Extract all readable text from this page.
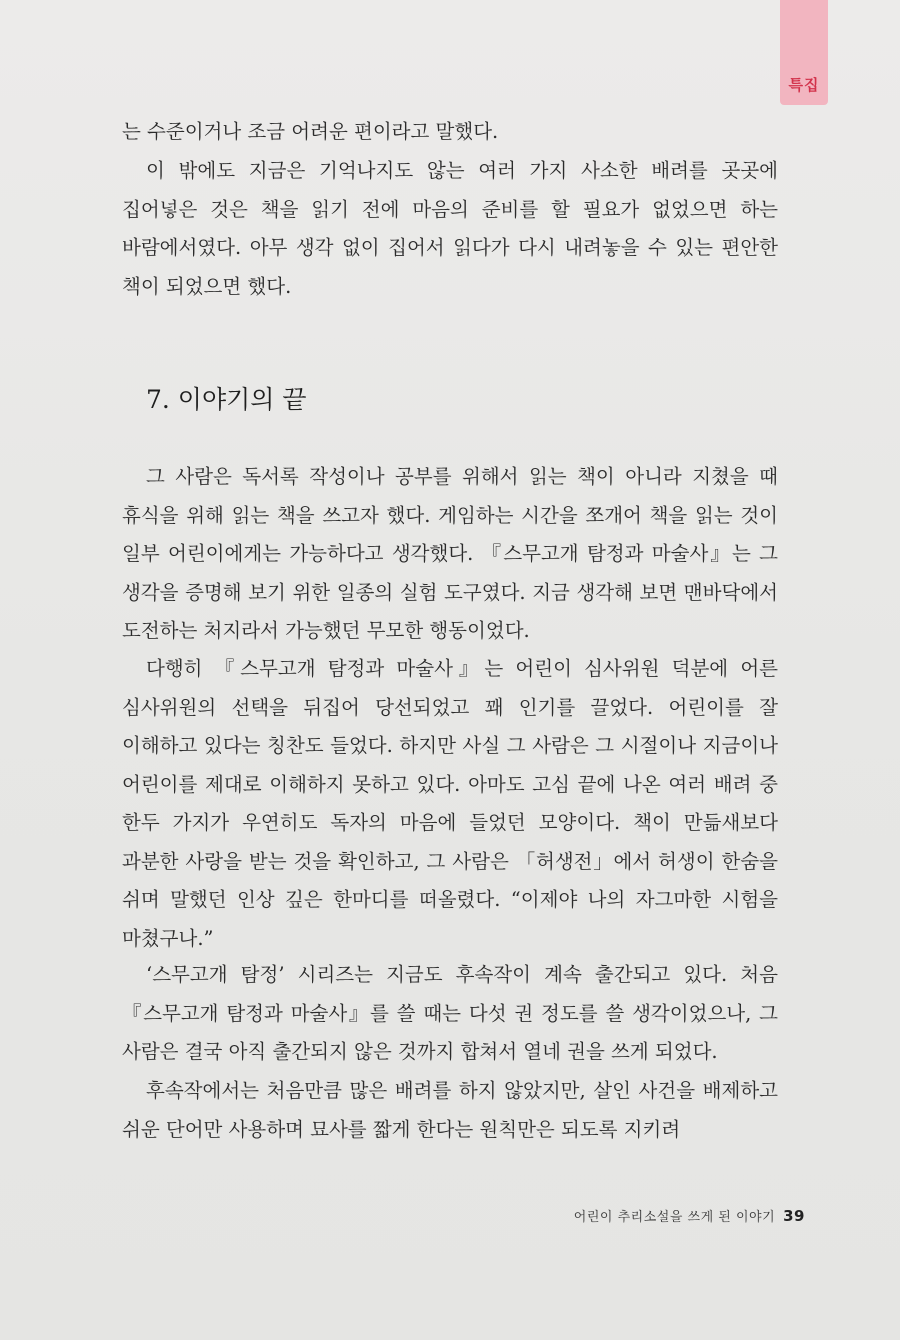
특집

는 수준이거나 조금 어려운 편이라고 말했다.

이 밖에도 지금은 기억나지도 않는 여러 가지 사소한 배려를 곳곳에 집어넣은 것은 책을 읽기 전에 마음의 준비를 할 필요가 없었으면 하는 바람에서였다. 아무 생각 없이 집어서 읽다가 다시 내려놓을 수 있는 편안한 책이 되었으면 했다.

7. 이야기의 끝

그 사람은 독서록 작성이나 공부를 위해서 읽는 책이 아니라 지쳤을 때 휴식을 위해 읽는 책을 쓰고자 했다. 게임하는 시간을 쪼개어 책을 읽는 것이 일부 어린이에게는 가능하다고 생각했다. 『스무고개 탐정과 마술사』는 그 생각을 증명해 보기 위한 일종의 실험 도구였다. 지금 생각해 보면 맨바닥에서 도전하는 처지라서 가능했던 무모한 행동이었다.

다행히 『스무고개 탐정과 마술사』는 어린이 심사위원 덕분에 어른 심사위원의 선택을 뒤집어 당선되었고 꽤 인기를 끌었다. 어린이를 잘 이해하고 있다는 칭찬도 들었다. 하지만 사실 그 사람은 그 시절이나 지금이나 어린이를 제대로 이해하지 못하고 있다. 아마도 고심 끝에 나온 여러 배려 중 한두 가지가 우연히도 독자의 마음에 들었던 모양이다. 책이 만듦새보다 과분한 사랑을 받는 것을 확인하고, 그 사람은 「허생전」에서 허생이 한숨을 쉬며 말했던 인상 깊은 한마디를 떠올렸다. “이제야 나의 자그마한 시험을 마쳤구나.”

‘스무고개 탐정’ 시리즈는 지금도 후속작이 계속 출간되고 있다. 처음 『스무고개 탐정과 마술사』를 쓸 때는 다섯 권 정도를 쓸 생각이었으나, 그 사람은 결국 아직 출간되지 않은 것까지 합쳐서 열네 권을 쓰게 되었다.

후속작에서는 처음만큼 많은 배려를 하지 않았지만, 살인 사건을 배제하고 쉬운 단어만 사용하며 묘사를 짧게 한다는 원칙만은 되도록 지키려

어린이 추리소설을 쓰게 된 이야기 39
